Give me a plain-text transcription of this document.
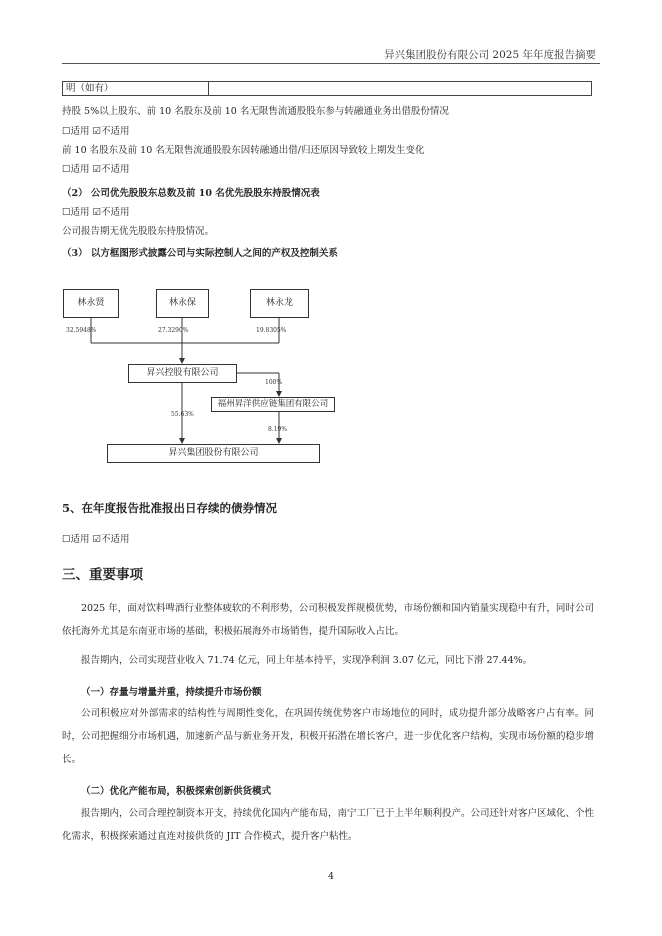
异兴集团股份有限公司 2025 年年度报告摘要
明（如有）
持股 5%以上股东、前 10 名股东及前 10 名无限售流通股股东参与转融通业务出借股份情况
☐适用 ☑不适用
前 10 名股东及前 10 名无限售流通股股东因转融通出借/归还原因导致较上期发生变化
☐适用 ☑不适用
（2） 公司优先股股东总数及前 10 名优先股股东持股情况表
☐适用 ☑不适用
公司报告期无优先股股东持股情况。
（3） 以方框图形式披露公司与实际控制人之间的产权及控制关系
林永贤	林永保	林永龙
32.5948%	27.3290%	19.8305%
昇兴控股有限公司
福州昇洋供应链集团有限公司
昇兴集团股份有限公司
100%
55.63%
8.19%
5、在年度报告批准报出日存续的债券情况
☐适用 ☑不适用
三、重要事项
2025 年，面对饮料啤酒行业整体疲软的不利形势，公司积极发挥规模优势，市场份额和国内销量实现稳中有升，同时公司依托海外尤其是东南亚市场的基础，积极拓展海外市场销售，提升国际收入占比。
报告期内，公司实现营业收入 71.74 亿元，同上年基本持平，实现净利润 3.07 亿元，同比下滑 27.44%。
（一）存量与增量并重，持续提升市场份额
公司积极应对外部需求的结构性与周期性变化，在巩固传统优势客户市场地位的同时，成功提升部分战略客户占有率。同时，公司把握细分市场机遇，加速新产品与新业务开发，积极开拓潜在增长客户，进一步优化客户结构，实现市场份额的稳步增长。
（二）优化产能布局，积极探索创新供货模式
报告期内，公司合理控制资本开支，持续优化国内产能布局，南宁工厂已于上半年顺利投产。公司还针对客户区域化、个性化需求，积极探索通过直连对接供货的 JIT 合作模式，提升客户粘性。
4
